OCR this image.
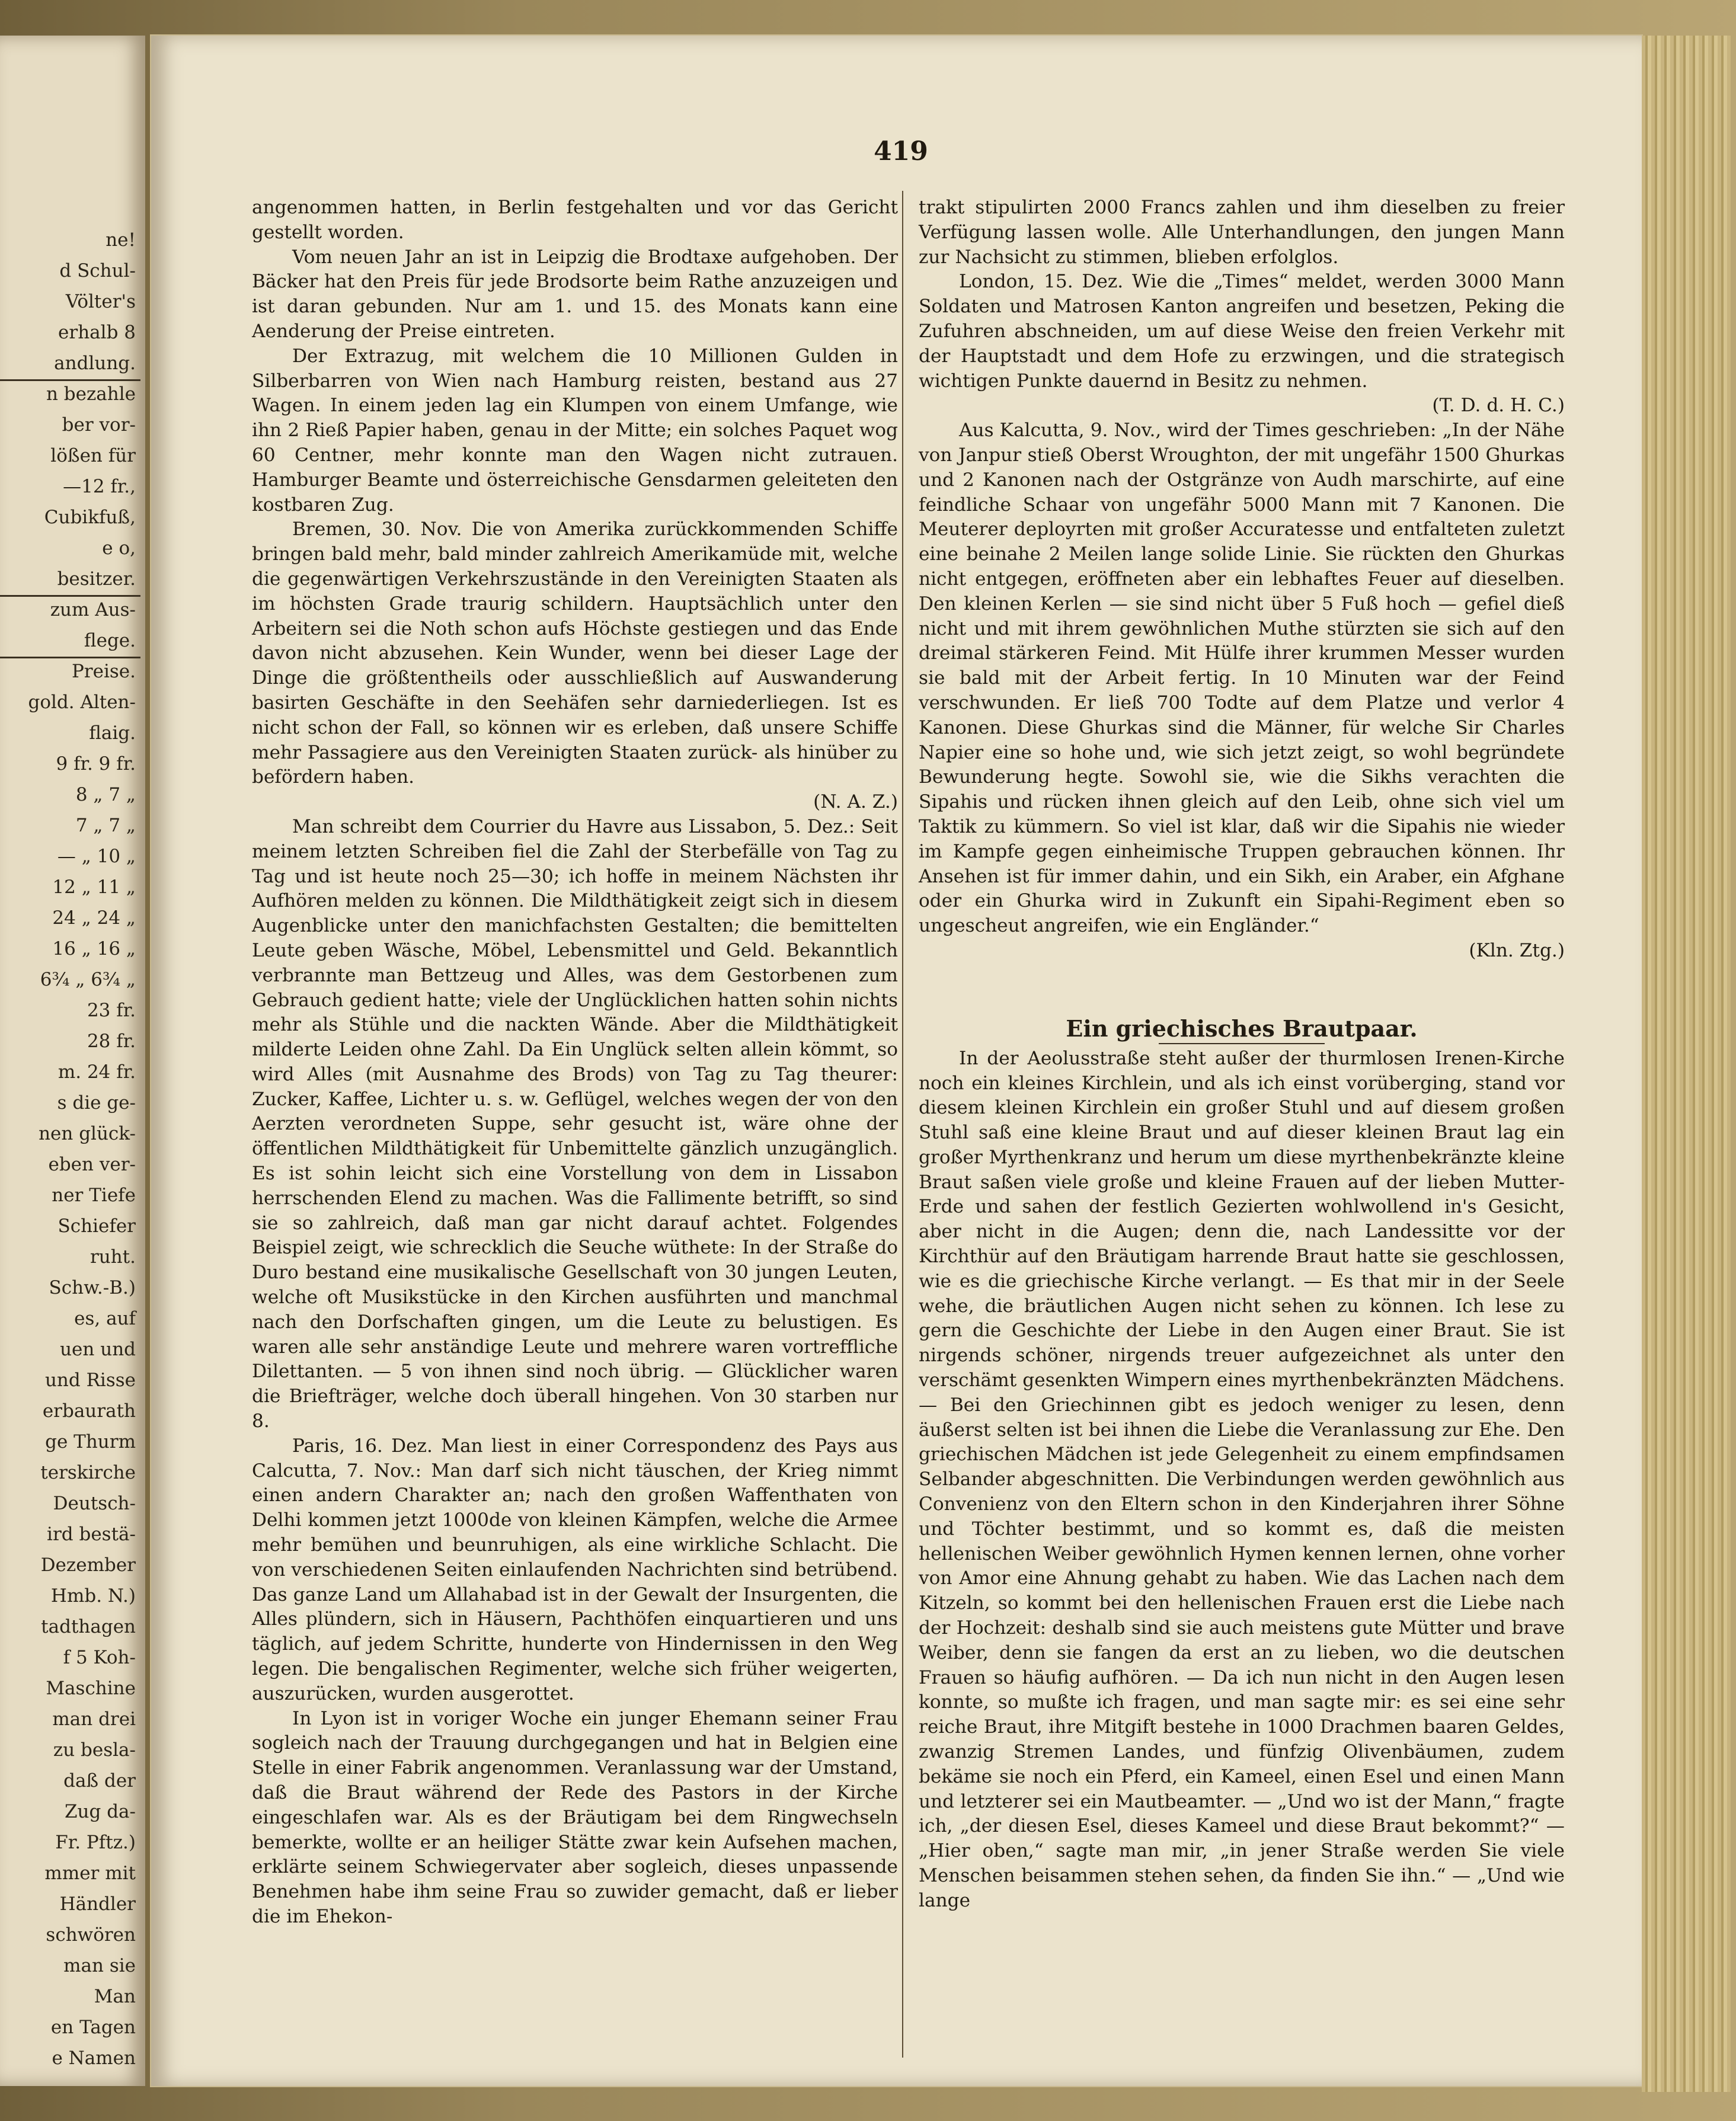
ne!
d Schul-
Völter's
erhalb 8
andlung.
n bezahle
ber vor-
lößen für
—12 fr.,
Cubikfuß,
e o,
besitzer.
zum Aus-
flege.
Preise.
gold. Alten-
flaig.
9 fr. 9 fr.
8 „ 7 „
7 „ 7 „
— „ 10 „
12 „ 11 „
24 „ 24 „
16 „ 16 „
6¾ „ 6¾ „
23 fr.
28 fr.
m. 24 fr.
s die ge-
nen glück-
eben ver-
ner Tiefe
Schiefer
ruht.
Schw.-B.)
es, auf
uen und
und Risse
erbaurath
ge Thurm
terskirche
Deutsch-
ird bestä-
Dezember
Hmb. N.)
tadthagen
f 5 Koh-
Maschine
man drei
zu besla-
daß der
Zug da-
Fr. Pftz.)
mmer mit
Händler
schwören
man sie
Man
en Tagen
e Namen
419

angenommen hatten, in Berlin festgehalten und vor das Gericht gestellt worden.

Vom neuen Jahr an ist in Leipzig die Brodtaxe aufgehoben. Der Bäcker hat den Preis für jede Brodsorte beim Rathe anzuzeigen und ist daran gebunden. Nur am 1. und 15. des Monats kann eine Aenderung der Preise eintreten.

Der Extrazug, mit welchem die 10 Millionen Gulden in Silberbarren von Wien nach Hamburg reisten, bestand aus 27 Wagen. In einem jeden lag ein Klumpen von einem Umfange, wie ihn 2 Rieß Papier haben, genau in der Mitte; ein solches Paquet wog 60 Centner, mehr konnte man den Wagen nicht zutrauen. Hamburger Beamte und österreichische Gensdarmen geleiteten den kostbaren Zug.

Bremen, 30. Nov. Die von Amerika zurückkommenden Schiffe bringen bald mehr, bald minder zahlreich Amerikamüde mit, welche die gegenwärtigen Verkehrszustände in den Vereinigten Staaten als im höchsten Grade traurig schildern. Hauptsächlich unter den Arbeitern sei die Noth schon aufs Höchste gestiegen und das Ende davon nicht abzusehen. Kein Wunder, wenn bei dieser Lage der Dinge die größtentheils oder ausschließlich auf Auswanderung basirten Geschäfte in den Seehäfen sehr darniederliegen. Ist es nicht schon der Fall, so können wir es erleben, daß unsere Schiffe mehr Passagiere aus den Vereinigten Staaten zurück- als hinüber zu befördern haben.

(N. A. Z.)

Man schreibt dem Courrier du Havre aus Lissabon, 5. Dez.: Seit meinem letzten Schreiben fiel die Zahl der Sterbefälle von Tag zu Tag und ist heute noch 25—30; ich hoffe in meinem Nächsten ihr Aufhören melden zu können. Die Mildthätigkeit zeigt sich in diesem Augenblicke unter den manichfachsten Gestalten; die bemittelten Leute geben Wäsche, Möbel, Lebensmittel und Geld. Bekanntlich verbrannte man Bettzeug und Alles, was dem Gestorbenen zum Gebrauch gedient hatte; viele der Unglücklichen hatten sohin nichts mehr als Stühle und die nackten Wände. Aber die Mildthätigkeit milderte Leiden ohne Zahl. Da Ein Unglück selten allein kömmt, so wird Alles (mit Ausnahme des Brods) von Tag zu Tag theurer: Zucker, Kaffee, Lichter u. s. w. Geflügel, welches wegen der von den Aerzten verordneten Suppe, sehr gesucht ist, wäre ohne der öffentlichen Mildthätigkeit für Unbemittelte gänzlich unzugänglich. Es ist sohin leicht sich eine Vorstellung von dem in Lissabon herrschenden Elend zu machen. Was die Fallimente betrifft, so sind sie so zahlreich, daß man gar nicht darauf achtet. Folgendes Beispiel zeigt, wie schrecklich die Seuche wüthete: In der Straße do Duro bestand eine musikalische Gesellschaft von 30 jungen Leuten, welche oft Musikstücke in den Kirchen ausführten und manchmal nach den Dorfschaften gingen, um die Leute zu belustigen. Es waren alle sehr anständige Leute und mehrere waren vortreffliche Dilettanten. — 5 von ihnen sind noch übrig. — Glücklicher waren die Briefträger, welche doch überall hingehen. Von 30 starben nur 8.

Paris, 16. Dez. Man liest in einer Correspondenz des Pays aus Calcutta, 7. Nov.: Man darf sich nicht täuschen, der Krieg nimmt einen andern Charakter an; nach den großen Waffenthaten von Delhi kommen jetzt 1000de von kleinen Kämpfen, welche die Armee mehr bemühen und beunruhigen, als eine wirkliche Schlacht. Die von verschiedenen Seiten einlaufenden Nachrichten sind betrübend. Das ganze Land um Allahabad ist in der Gewalt der Insurgenten, die Alles plündern, sich in Häusern, Pachthöfen einquartieren und uns täglich, auf jedem Schritte, hunderte von Hindernissen in den Weg legen. Die bengalischen Regimenter, welche sich früher weigerten, auszurücken, wurden ausgerottet.

In Lyon ist in voriger Woche ein junger Ehemann seiner Frau sogleich nach der Trauung durchgegangen und hat in Belgien eine Stelle in einer Fabrik angenommen. Veranlassung war der Umstand, daß die Braut während der Rede des Pastors in der Kirche eingeschlafen war. Als es der Bräutigam bei dem Ringwechseln bemerkte, wollte er an heiliger Stätte zwar kein Aufsehen machen, erklärte seinem Schwiegervater aber sogleich, dieses unpassende Benehmen habe ihm seine Frau so zuwider gemacht, daß er lieber die im Ehekon-

trakt stipulirten 2000 Francs zahlen und ihm dieselben zu freier Verfügung lassen wolle. Alle Unterhandlungen, den jungen Mann zur Nachsicht zu stimmen, blieben erfolglos.

London, 15. Dez. Wie die „Times“ meldet, werden 3000 Mann Soldaten und Matrosen Kanton angreifen und besetzen, Peking die Zufuhren abschneiden, um auf diese Weise den freien Verkehr mit der Hauptstadt und dem Hofe zu erzwingen, und die strategisch wichtigen Punkte dauernd in Besitz zu nehmen.

(T. D. d. H. C.)

Aus Kalcutta, 9. Nov., wird der Times geschrieben: „In der Nähe von Janpur stieß Oberst Wroughton, der mit ungefähr 1500 Ghurkas und 2 Kanonen nach der Ostgränze von Audh marschirte, auf eine feindliche Schaar von ungefähr 5000 Mann mit 7 Kanonen. Die Meuterer deployrten mit großer Accuratesse und entfalteten zuletzt eine beinahe 2 Meilen lange solide Linie. Sie rückten den Ghurkas nicht entgegen, eröffneten aber ein lebhaftes Feuer auf dieselben. Den kleinen Kerlen — sie sind nicht über 5 Fuß hoch — gefiel dieß nicht und mit ihrem gewöhnlichen Muthe stürzten sie sich auf den dreimal stärkeren Feind. Mit Hülfe ihrer krummen Messer wurden sie bald mit der Arbeit fertig. In 10 Minuten war der Feind verschwunden. Er ließ 700 Todte auf dem Platze und verlor 4 Kanonen. Diese Ghurkas sind die Männer, für welche Sir Charles Napier eine so hohe und, wie sich jetzt zeigt, so wohl begründete Bewunderung hegte. Sowohl sie, wie die Sikhs verachten die Sipahis und rücken ihnen gleich auf den Leib, ohne sich viel um Taktik zu kümmern. So viel ist klar, daß wir die Sipahis nie wieder im Kampfe gegen einheimische Truppen gebrauchen können. Ihr Ansehen ist für immer dahin, und ein Sikh, ein Araber, ein Afghane oder ein Ghurka wird in Zukunft ein Sipahi-Regiment eben so ungescheut angreifen, wie ein Engländer.“

(Kln. Ztg.)

Ein griechisches Brautpaar.

In der Aeolusstraße steht außer der thurmlosen Irenen-Kirche noch ein kleines Kirchlein, und als ich einst vorüberging, stand vor diesem kleinen Kirchlein ein großer Stuhl und auf diesem großen Stuhl saß eine kleine Braut und auf dieser kleinen Braut lag ein großer Myrthenkranz und herum um diese myrthenbekränzte kleine Braut saßen viele große und kleine Frauen auf der lieben Mutter-Erde und sahen der festlich Gezierten wohlwollend in's Gesicht, aber nicht in die Augen; denn die, nach Landessitte vor der Kirchthür auf den Bräutigam harrende Braut hatte sie geschlossen, wie es die griechische Kirche verlangt. — Es that mir in der Seele wehe, die bräutlichen Augen nicht sehen zu können. Ich lese zu gern die Geschichte der Liebe in den Augen einer Braut. Sie ist nirgends schöner, nirgends treuer aufgezeichnet als unter den verschämt gesenkten Wimpern eines myrthenbekränzten Mädchens. — Bei den Griechinnen gibt es jedoch weniger zu lesen, denn äußerst selten ist bei ihnen die Liebe die Veranlassung zur Ehe. Den griechischen Mädchen ist jede Gelegenheit zu einem empfindsamen Selbander abgeschnitten. Die Verbindungen werden gewöhnlich aus Convenienz von den Eltern schon in den Kinderjahren ihrer Söhne und Töchter bestimmt, und so kommt es, daß die meisten hellenischen Weiber gewöhnlich Hymen kennen lernen, ohne vorher von Amor eine Ahnung gehabt zu haben. Wie das Lachen nach dem Kitzeln, so kommt bei den hellenischen Frauen erst die Liebe nach der Hochzeit: deshalb sind sie auch meistens gute Mütter und brave Weiber, denn sie fangen da erst an zu lieben, wo die deutschen Frauen so häufig aufhören. — Da ich nun nicht in den Augen lesen konnte, so mußte ich fragen, und man sagte mir: es sei eine sehr reiche Braut, ihre Mitgift bestehe in 1000 Drachmen baaren Geldes, zwanzig Stremen Landes, und fünfzig Olivenbäumen, zudem bekäme sie noch ein Pferd, ein Kameel, einen Esel und einen Mann und letzterer sei ein Mautbeamter. — „Und wo ist der Mann,“ fragte ich, „der diesen Esel, dieses Kameel und diese Braut bekommt?“ — „Hier oben,“ sagte man mir, „in jener Straße werden Sie viele Menschen beisammen stehen sehen, da finden Sie ihn.“ — „Und wie lange
